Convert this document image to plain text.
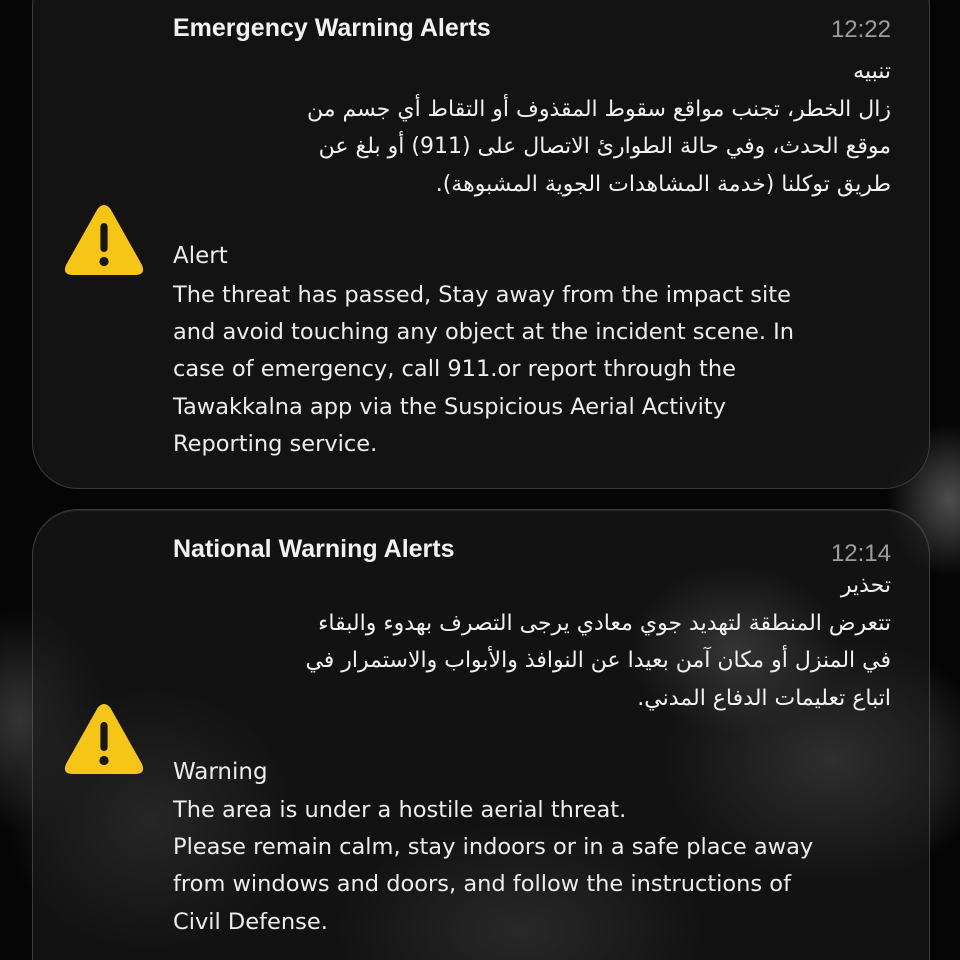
Emergency Warning Alerts	12:22
تنبيه
زال الخطر، تجنب مواقع سقوط المقذوف أو التقاط أي جسم من
موقع الحدث، وفي حالة الطوارئ الاتصال على (911) أو بلغ عن
طريق توكلنا (خدمة المشاهدات الجوية المشبوهة).
Alert
The threat has passed, Stay away from the impact site
and avoid touching any object at the incident scene. In
case of emergency, call 911.or report through the
Tawakkalna app via the Suspicious Aerial Activity
Reporting service.
National Warning Alerts	12:14
تحذير
تتعرض المنطقة لتهديد جوي معادي يرجى التصرف بهدوء والبقاء
في المنزل أو مكان آمن بعيدا عن النوافذ والأبواب والاستمرار في
اتباع تعليمات الدفاع المدني.
Warning
The area is under a hostile aerial threat.
Please remain calm, stay indoors or in a safe place away
from windows and doors, and follow the instructions of
Civil Defense.
